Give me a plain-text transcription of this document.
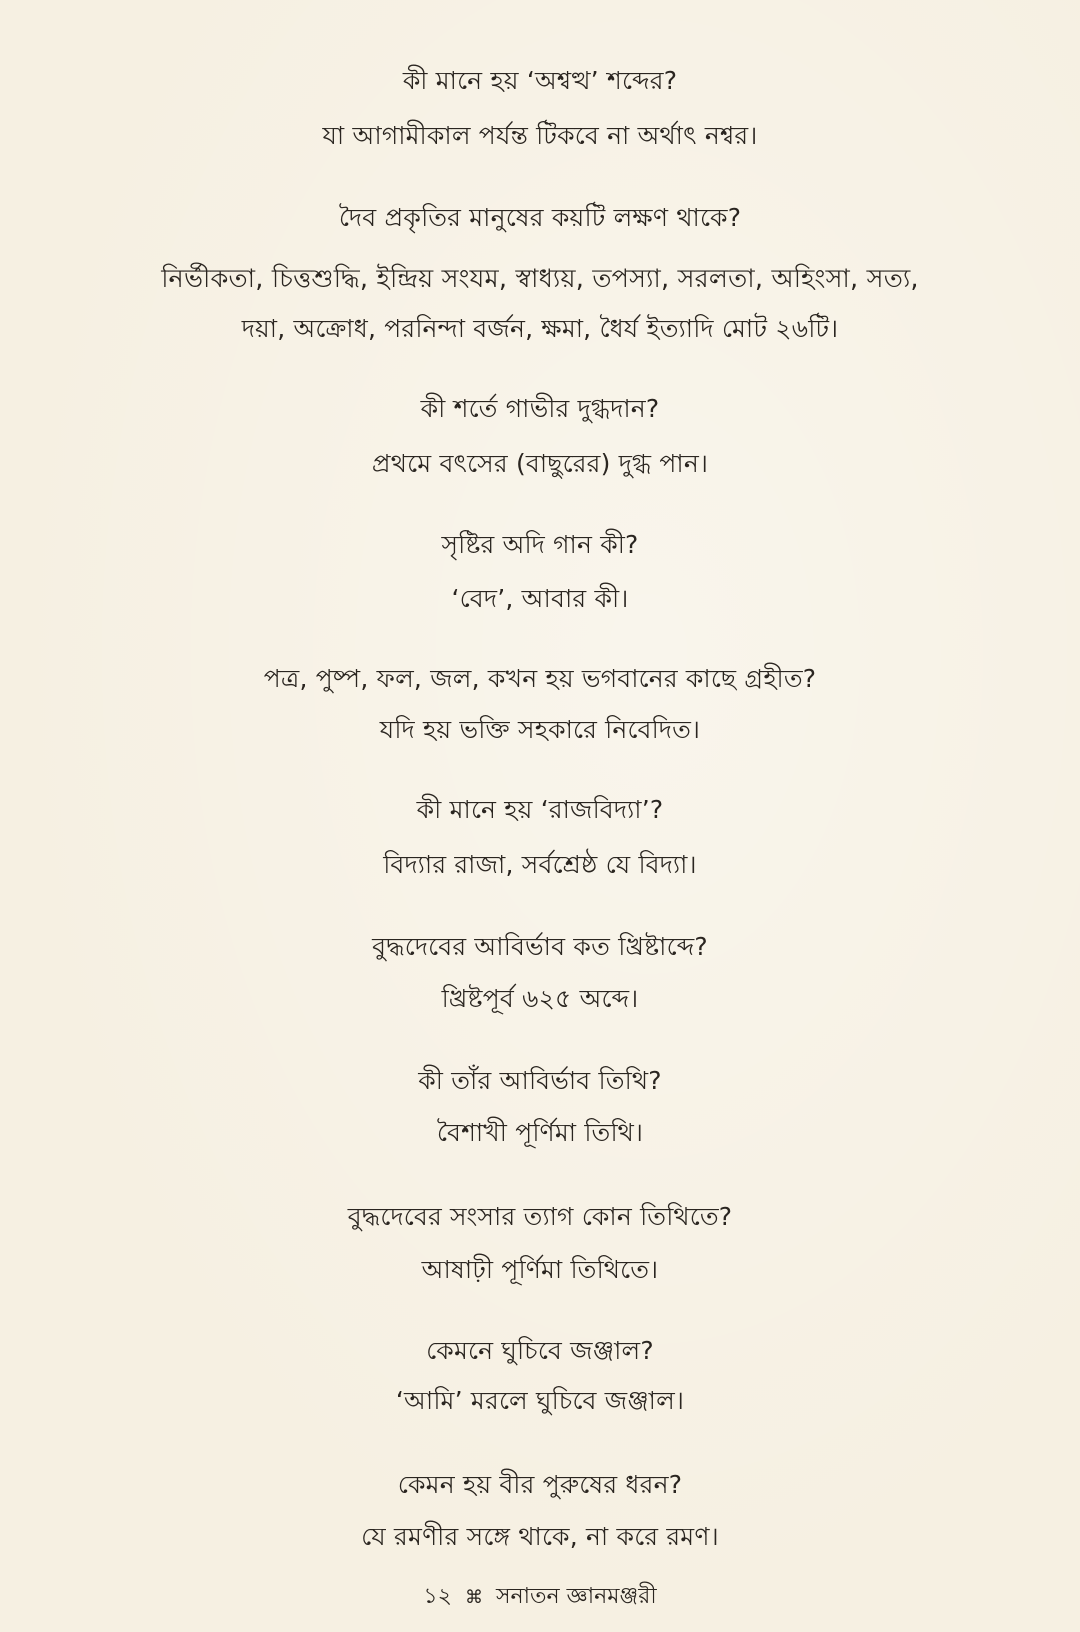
কী মানে হয় ‘অশ্বত্থ’ শব্দের?
যা আগামীকাল পর্যন্ত টিকবে না অর্থাৎ নশ্বর।
দৈব প্রকৃতির মানুষের কয়টি লক্ষণ থাকে?
নির্ভীকতা, চিত্তশুদ্ধি, ইন্দ্রিয় সংযম, স্বাধ্যয়, তপস্যা, সরলতা, অহিংসা, সত্য,
দয়া, অক্রোধ, পরনিন্দা বর্জন, ক্ষমা, ধৈর্য ইত্যাদি মোট ২৬টি।
কী শর্তে গাভীর দুগ্ধদান?
প্রথমে বৎসের (বাছুরের) দুগ্ধ পান।
সৃষ্টির অদি গান কী?
‘বেদ’, আবার কী।
পত্র, পুষ্প, ফল, জল, কখন হয় ভগবানের কাছে গ্রহীত?
যদি হয় ভক্তি সহকারে নিবেদিত।
কী মানে হয় ‘রাজবিদ্যা’?
বিদ্যার রাজা, সর্বশ্রেষ্ঠ যে বিদ্যা।
বুদ্ধদেবের আবির্ভাব কত খ্রিষ্টাব্দে?
খ্রিষ্টপূর্ব ৬২৫ অব্দে।
কী তাঁর আবির্ভাব তিথি?
বৈশাখী পূর্ণিমা তিথি।
বুদ্ধদেবের সংসার ত্যাগ কোন তিথিতে?
আষাঢ়ী পূর্ণিমা তিথিতে।
কেমনে ঘুচিবে জঞ্জাল?
‘আমি’ মরলে ঘুচিবে জঞ্জাল।
কেমন হয় বীর পুরুষের ধরন?
যে রমণীর সঙ্গে থাকে, না করে রমণ।
১২ ⌘ সনাতন জ্ঞানমঞ্জরী
